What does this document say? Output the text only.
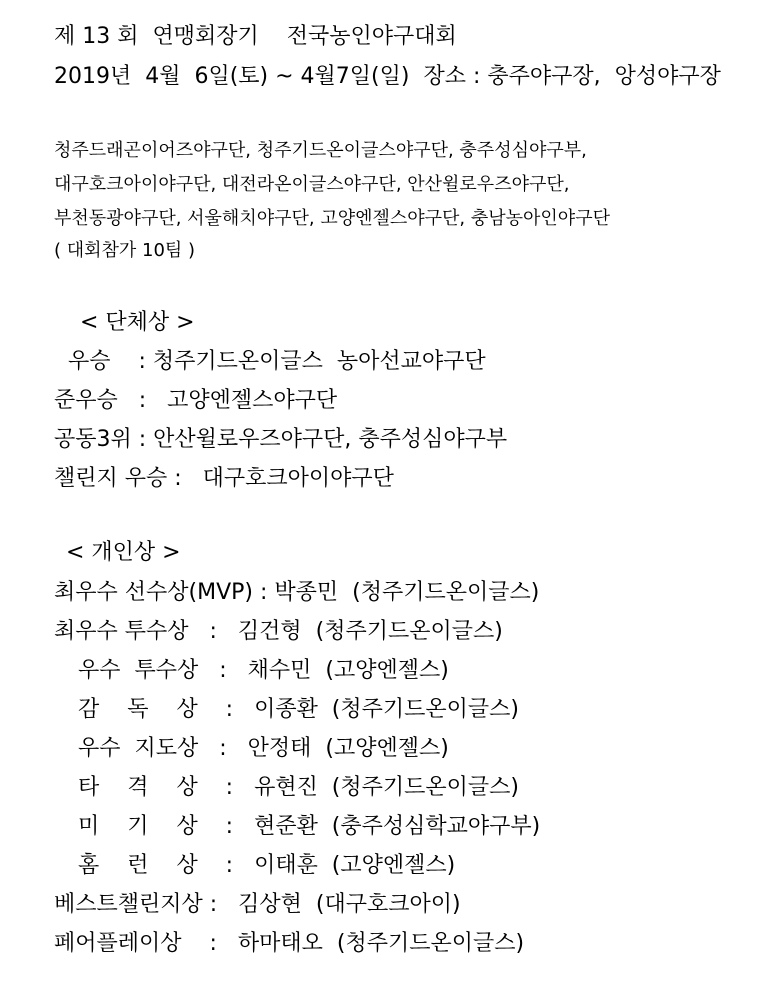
제 13 회  연맹회장기    전국농인야구대회
2019년  4월  6일(토) ~ 4월7일(일)  장소 : 충주야구장,  앙성야구장
청주드래곤이어즈야구단, 청주기드온이글스야구단, 충주성심야구부,
대구호크아이야구단, 대전라온이글스야구단, 안산윌로우즈야구단,
부천동광야구단, 서울해치야구단, 고양엔젤스야구단, 충남농아인야구단
( 대회참가 10팀 )
< 단체상 >
우승    : 청주기드온이글스  농아선교야구단
준우승   :   고양엔젤스야구단
공동3위 : 안산윌로우즈야구단, 충주성심야구부
챌린지 우승 :   대구호크아이야구단
< 개인상 >
최우수 선수상(MVP) : 박종민  (청주기드온이글스)
최우수 투수상   :   김건형  (청주기드온이글스)
우수  투수상   :   채수민  (고양엔젤스)
감    독    상    :   이종환  (청주기드온이글스)
우수  지도상   :   안정태  (고양엔젤스)
타    격    상    :   유현진  (청주기드온이글스)
미    기    상    :   현준환  (충주성심학교야구부)
홈    런    상    :   이태훈  (고양엔젤스)
베스트챌린지상 :   김상현  (대구호크아이)
페어플레이상    :   하마태오  (청주기드온이글스)
